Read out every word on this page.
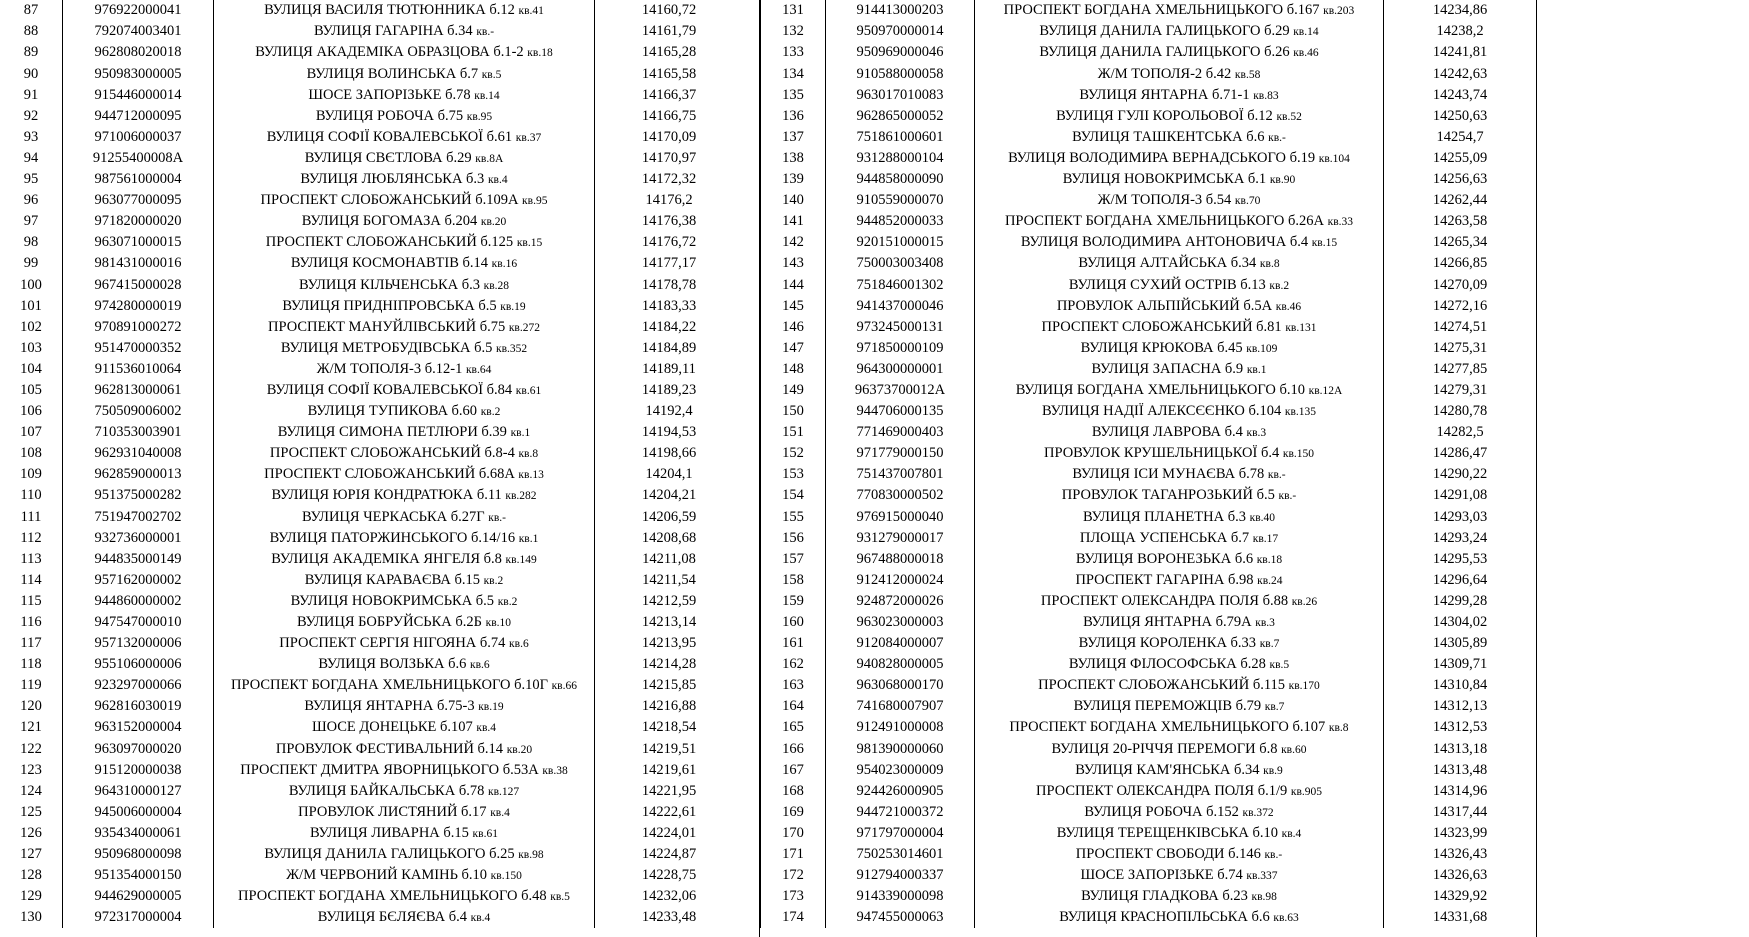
87	976922000041	ВУЛИЦЯ ВАСИЛЯ ТЮТЮННИКА б.12 кв.41	14160,72
88	792074003401	ВУЛИЦЯ ГАГАРІНА б.34 кв.-	14161,79
89	962808020018	ВУЛИЦЯ АКАДЕМІКА ОБРАЗЦОВА б.1-2 кв.18	14165,28
90	950983000005	ВУЛИЦЯ ВОЛИНСЬКА б.7 кв.5	14165,58
91	915446000014	ШОСЕ ЗАПОРІЗЬКЕ б.78 кв.14	14166,37
92	944712000095	ВУЛИЦЯ РОБОЧА б.75 кв.95	14166,75
93	971006000037	ВУЛИЦЯ СОФІЇ КОВАЛЕВСЬКОЇ б.61 кв.37	14170,09
94	91255400008А	ВУЛИЦЯ СВЄТЛОВА б.29 кв.8А	14170,97
95	987561000004	ВУЛИЦЯ ЛЮБЛЯНСЬКА б.3 кв.4	14172,32
96	963077000095	ПРОСПЕКТ СЛОБОЖАНСЬКИЙ б.109А кв.95	14176,2
97	971820000020	ВУЛИЦЯ БОГОМАЗА б.204 кв.20	14176,38
98	963071000015	ПРОСПЕКТ СЛОБОЖАНСЬКИЙ б.125 кв.15	14176,72
99	981431000016	ВУЛИЦЯ КОСМОНАВТІВ б.14 кв.16	14177,17
100	967415000028	ВУЛИЦЯ КІЛЬЧЕНСЬКА б.3 кв.28	14178,78
101	974280000019	ВУЛИЦЯ ПРИДНІПРОВСЬКА б.5 кв.19	14183,33
102	970891000272	ПРОСПЕКТ МАНУЙЛІВСЬКИЙ б.75 кв.272	14184,22
103	951470000352	ВУЛИЦЯ МЕТРОБУДІВСЬКА б.5 кв.352	14184,89
104	911536010064	Ж/М ТОПОЛЯ-3 б.12-1 кв.64	14189,11
105	962813000061	ВУЛИЦЯ СОФІЇ КОВАЛЕВСЬКОЇ б.84 кв.61	14189,23
106	750509006002	ВУЛИЦЯ ТУПИКОВА б.60 кв.2	14192,4
107	710353003901	ВУЛИЦЯ СИМОНА ПЕТЛЮРИ б.39 кв.1	14194,53
108	962931040008	ПРОСПЕКТ СЛОБОЖАНСЬКИЙ б.8-4 кв.8	14198,66
109	962859000013	ПРОСПЕКТ СЛОБОЖАНСЬКИЙ б.68А кв.13	14204,1
110	951375000282	ВУЛИЦЯ ЮРІЯ КОНДРАТЮКА б.11 кв.282	14204,21
111	751947002702	ВУЛИЦЯ ЧЕРКАСЬКА б.27Г кв.-	14206,59
112	932736000001	ВУЛИЦЯ ПАТОРЖИНСЬКОГО б.14/16 кв.1	14208,68
113	944835000149	ВУЛИЦЯ АКАДЕМІКА ЯНГЕЛЯ б.8 кв.149	14211,08
114	957162000002	ВУЛИЦЯ КАРАВАЄВА б.15 кв.2	14211,54
115	944860000002	ВУЛИЦЯ НОВОКРИМСЬКА б.5 кв.2	14212,59
116	947547000010	ВУЛИЦЯ БОБРУЙСЬКА б.2Б кв.10	14213,14
117	957132000006	ПРОСПЕКТ СЕРГІЯ НІГОЯНА б.74 кв.6	14213,95
118	955106000006	ВУЛИЦЯ ВОЛЗЬКА б.6 кв.6	14214,28
119	923297000066	ПРОСПЕКТ БОГДАНА ХМЕЛЬНИЦЬКОГО б.10Г кв.66	14215,85
120	962816030019	ВУЛИЦЯ ЯНТАРНА б.75-3 кв.19	14216,88
121	963152000004	ШОСЕ ДОНЕЦЬКЕ б.107 кв.4	14218,54
122	963097000020	ПРОВУЛОК ФЕСТИВАЛЬНИЙ б.14 кв.20	14219,51
123	915120000038	ПРОСПЕКТ ДМИТРА ЯВОРНИЦЬКОГО б.53А кв.38	14219,61
124	964310000127	ВУЛИЦЯ БАЙКАЛЬСЬКА б.78 кв.127	14221,95
125	945006000004	ПРОВУЛОК ЛИСТЯНИЙ б.17 кв.4	14222,61
126	935434000061	ВУЛИЦЯ ЛИВАРНА б.15 кв.61	14224,01
127	950968000098	ВУЛИЦЯ ДАНИЛА ГАЛИЦЬКОГО б.25 кв.98	14224,87
128	951354000150	Ж/М ЧЕРВОНИЙ КАМІНЬ б.10 кв.150	14228,75
129	944629000005	ПРОСПЕКТ БОГДАНА ХМЕЛЬНИЦЬКОГО б.48 кв.5	14232,06
130	972317000004	ВУЛИЦЯ БЄЛЯЄВА б.4 кв.4	14233,48
131	914413000203	ПРОСПЕКТ БОГДАНА ХМЕЛЬНИЦЬКОГО б.167 кв.203	14234,86
132	950970000014	ВУЛИЦЯ ДАНИЛА ГАЛИЦЬКОГО б.29 кв.14	14238,2
133	950969000046	ВУЛИЦЯ ДАНИЛА ГАЛИЦЬКОГО б.26 кв.46	14241,81
134	910588000058	Ж/М ТОПОЛЯ-2 б.42 кв.58	14242,63
135	963017010083	ВУЛИЦЯ ЯНТАРНА б.71-1 кв.83	14243,74
136	962865000052	ВУЛИЦЯ ГУЛІ КОРОЛЬОВОЇ б.12 кв.52	14250,63
137	751861000601	ВУЛИЦЯ ТАШКЕНТСЬКА б.6 кв.-	14254,7
138	931288000104	ВУЛИЦЯ ВОЛОДИМИРА ВЕРНАДСЬКОГО б.19 кв.104	14255,09
139	944858000090	ВУЛИЦЯ НОВОКРИМСЬКА б.1 кв.90	14256,63
140	910559000070	Ж/М ТОПОЛЯ-3 б.54 кв.70	14262,44
141	944852000033	ПРОСПЕКТ БОГДАНА ХМЕЛЬНИЦЬКОГО б.26А кв.33	14263,58
142	920151000015	ВУЛИЦЯ ВОЛОДИМИРА АНТОНОВИЧА б.4 кв.15	14265,34
143	750003003408	ВУЛИЦЯ АЛТАЙСЬКА б.34 кв.8	14266,85
144	751846001302	ВУЛИЦЯ СУХИЙ ОСТРІВ б.13 кв.2	14270,09
145	941437000046	ПРОВУЛОК АЛЬПІЙСЬКИЙ б.5А кв.46	14272,16
146	973245000131	ПРОСПЕКТ СЛОБОЖАНСЬКИЙ б.81 кв.131	14274,51
147	971850000109	ВУЛИЦЯ КРЮКОВА б.45 кв.109	14275,31
148	964300000001	ВУЛИЦЯ ЗАПАСНА б.9 кв.1	14277,85
149	96373700012А	ВУЛИЦЯ БОГДАНА ХМЕЛЬНИЦЬКОГО б.10 кв.12А	14279,31
150	944706000135	ВУЛИЦЯ НАДІЇ АЛЕКСЄЄНКО б.104 кв.135	14280,78
151	771469000403	ВУЛИЦЯ ЛАВРОВА б.4 кв.3	14282,5
152	971779000150	ПРОВУЛОК КРУШЕЛЬНИЦЬКОЇ б.4 кв.150	14286,47
153	751437007801	ВУЛИЦЯ ІСИ МУНАЄВА б.78 кв.-	14290,22
154	770830000502	ПРОВУЛОК ТАГАНРОЗЬКИЙ б.5 кв.-	14291,08
155	976915000040	ВУЛИЦЯ ПЛАНЕТНА б.3 кв.40	14293,03
156	931279000017	ПЛОЩА УСПЕНСЬКА б.7 кв.17	14293,24
157	967488000018	ВУЛИЦЯ ВОРОНЕЗЬКА б.6 кв.18	14295,53
158	912412000024	ПРОСПЕКТ ГАГАРІНА б.98 кв.24	14296,64
159	924872000026	ПРОСПЕКТ ОЛЕКСАНДРА ПОЛЯ б.88 кв.26	14299,28
160	963023000003	ВУЛИЦЯ ЯНТАРНА б.79А кв.3	14304,02
161	912084000007	ВУЛИЦЯ КОРОЛЕНКА б.33 кв.7	14305,89
162	940828000005	ВУЛИЦЯ ФІЛОСОФСЬКА б.28 кв.5	14309,71
163	963068000170	ПРОСПЕКТ СЛОБОЖАНСЬКИЙ б.115 кв.170	14310,84
164	741680007907	ВУЛИЦЯ ПЕРЕМОЖЦІВ б.79 кв.7	14312,13
165	912491000008	ПРОСПЕКТ БОГДАНА ХМЕЛЬНИЦЬКОГО б.107 кв.8	14312,53
166	981390000060	ВУЛИЦЯ 20-РІЧЧЯ ПЕРЕМОГИ б.8 кв.60	14313,18
167	954023000009	ВУЛИЦЯ КАМ'ЯНСЬКА б.34 кв.9	14313,48
168	924426000905	ПРОСПЕКТ ОЛЕКСАНДРА ПОЛЯ б.1/9 кв.905	14314,96
169	944721000372	ВУЛИЦЯ РОБОЧА б.152 кв.372	14317,44
170	971797000004	ВУЛИЦЯ ТЕРЕЩЕНКІВСЬКА б.10 кв.4	14323,99
171	750253014601	ПРОСПЕКТ СВОБОДИ б.146 кв.-	14326,43
172	912794000337	ШОСЕ ЗАПОРІЗЬКЕ б.74 кв.337	14326,63
173	914339000098	ВУЛИЦЯ ГЛАДКОВА б.23 кв.98	14329,92
174	947455000063	ВУЛИЦЯ КРАСНОПІЛЬСЬКА б.6 кв.63	14331,68
